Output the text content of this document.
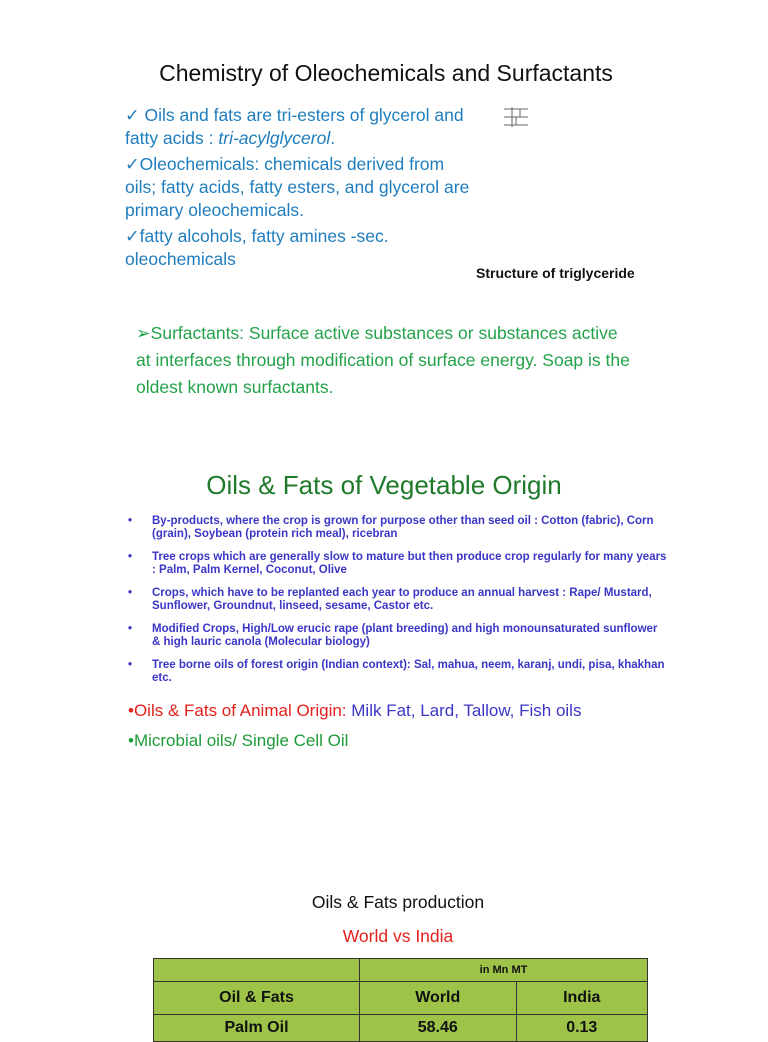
Chemistry of Oleochemicals and Surfactants

✓ Oils and fats are tri-esters of glycerol and fatty acids : tri-acylglycerol.

✓Oleochemicals: chemicals derived from oils; fatty acids, fatty esters, and glycerol are primary oleochemicals.

✓fatty alcohols, fatty amines -sec. oleochemicals

Structure of triglyceride
➢Surfactants: Surface active substances or substances active at interfaces through modification of surface energy. Soap is the oldest known surfactants.
Oils & Fats of Vegetable Origin
• By-products, where the crop is grown for purpose other than seed oil : Cotton (fabric), Corn (grain), Soybean (protein rich meal), ricebran
• Tree crops which are generally slow to mature but then produce crop regularly for many years : Palm, Palm Kernel, Coconut, Olive
• Crops, which have to be replanted each year to produce an annual harvest : Rape/ Mustard, Sunflower, Groundnut, linseed, sesame, Castor etc.
• Modified Crops, High/Low erucic rape (plant breeding) and high monounsaturated sunflower & high lauric canola (Molecular biology)
• Tree borne oils of forest origin (Indian context): Sal, mahua, neem, karanj, undi, pisa, khakhan etc.
•Oils & Fats of Animal Origin: Milk Fat, Lard, Tallow, Fish oils
•Microbial oils/ Single Cell Oil
Oils & Fats production
World vs India
	in Mn MT	
Oil & Fats	World	India
Palm Oil	58.46	0.13
